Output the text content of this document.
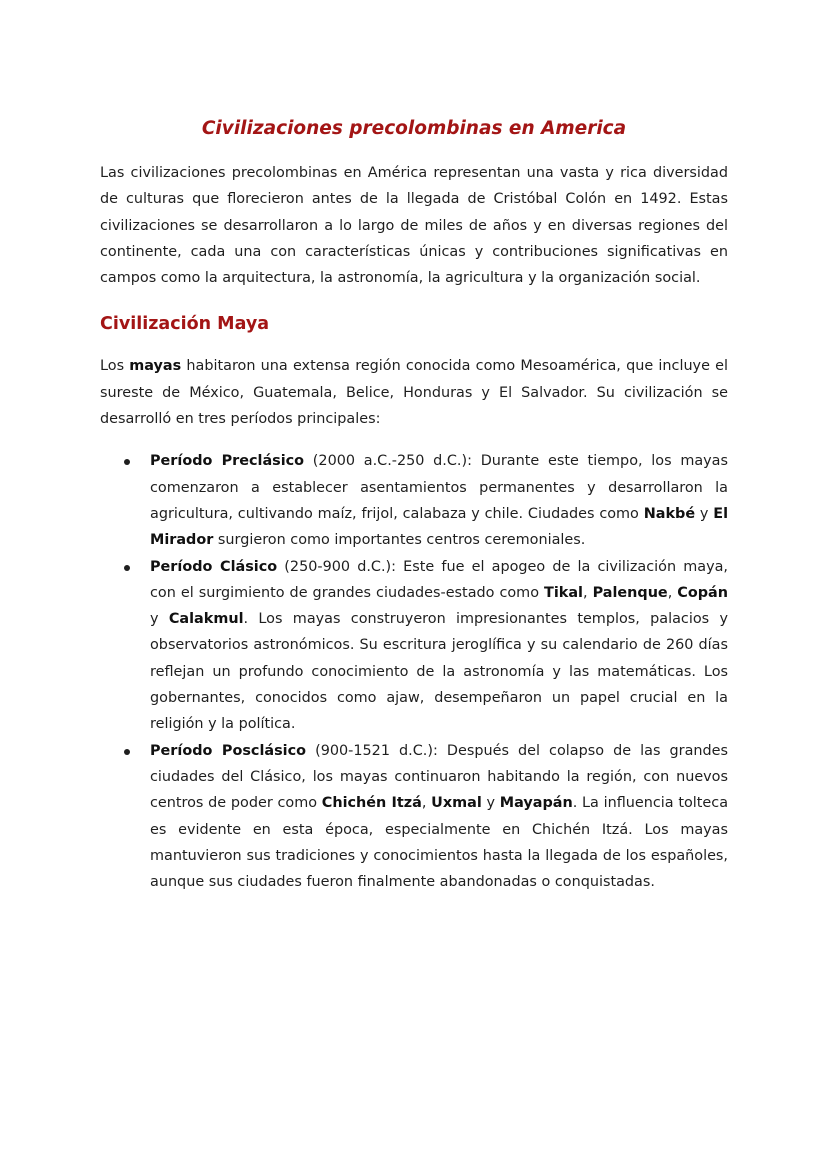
Civilizaciones precolombinas en America

Las civilizaciones precolombinas en América representan una vasta y rica diversidad de culturas que florecieron antes de la llegada de Cristóbal Colón en 1492. Estas civilizaciones se desarrollaron a lo largo de miles de años y en diversas regiones del continente, cada una con características únicas y contribuciones significativas en campos como la arquitectura, la astronomía, la agricultura y la organización social.

Civilización Maya

Los mayas habitaron una extensa región conocida como Mesoamérica, que incluye el sureste de México, Guatemala, Belice, Honduras y El Salvador. Su civilización se desarrolló en tres períodos principales:

Período Preclásico (2000 a.C.-250 d.C.): Durante este tiempo, los mayas comenzaron a establecer asentamientos permanentes y desarrollaron la agricultura, cultivando maíz, frijol, calabaza y chile. Ciudades como Nakbé y El Mirador surgieron como importantes centros ceremoniales.
Período Clásico (250-900 d.C.): Este fue el apogeo de la civilización maya, con el surgimiento de grandes ciudades-estado como Tikal, Palenque, Copán y Calakmul. Los mayas construyeron impresionantes templos, palacios y observatorios astronómicos. Su escritura jeroglífica y su calendario de 260 días reflejan un profundo conocimiento de la astronomía y las matemáticas. Los gobernantes, conocidos como ajaw, desempeñaron un papel crucial en la religión y la política.
Período Posclásico (900-1521 d.C.): Después del colapso de las grandes ciudades del Clásico, los mayas continuaron habitando la región, con nuevos centros de poder como Chichén Itzá, Uxmal y Mayapán. La influencia tolteca es evidente en esta época, especialmente en Chichén Itzá. Los mayas mantuvieron sus tradiciones y conocimientos hasta la llegada de los españoles, aunque sus ciudades fueron finalmente abandonadas o conquistadas.
